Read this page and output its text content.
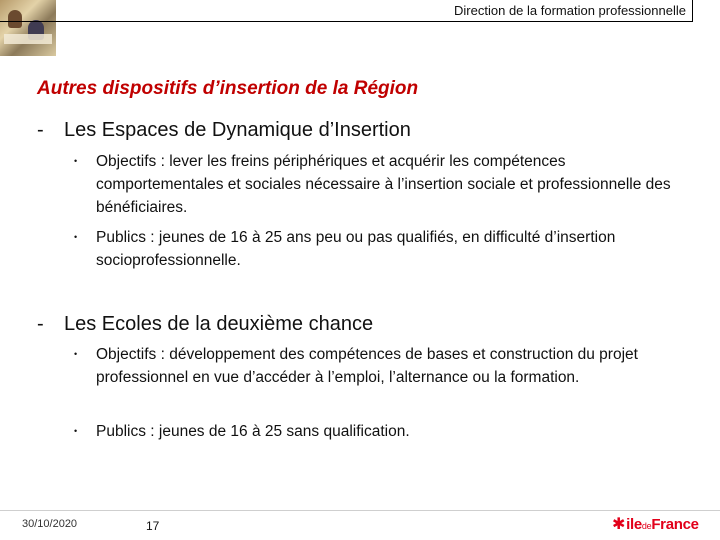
Direction de la formation professionnelle
Autres dispositifs d’insertion de la Région
- Les Espaces de Dynamique d’Insertion
• Objectifs : lever les freins périphériques et acquérir les compétences comportementales et sociales nécessaire à l’insertion sociale et professionnelle des bénéficiaires.
• Publics : jeunes de 16 à 25 ans peu ou pas qualifiés, en difficulté d’insertion socioprofessionnelle.
- Les Ecoles de la deuxième chance
• Objectifs : développement des compétences de bases et construction du projet professionnel en vue d’accéder à l’emploi, l’alternance ou la formation.
• Publics : jeunes de 16 à 25 sans qualification.
30/10/2020	17	✱iledeFrance
